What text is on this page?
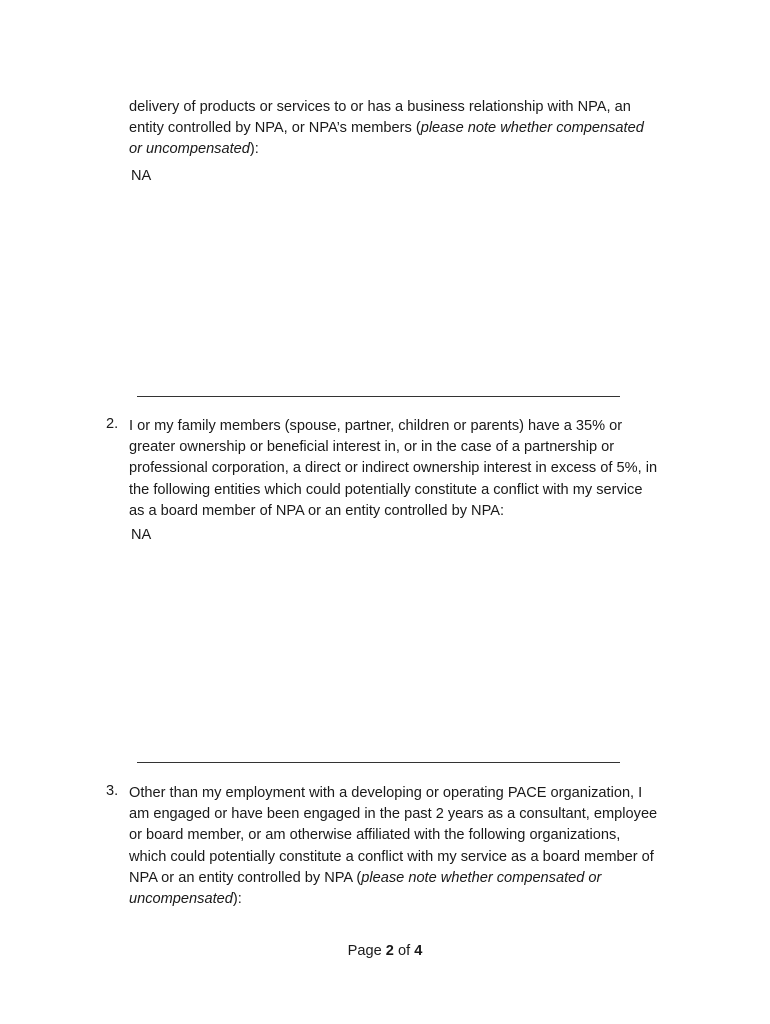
delivery of products or services to or has a business relationship with NPA, an entity controlled by NPA, or NPA’s members (please note whether compensated or uncompensated):

NA

2. I or my family members (spouse, partner, children or parents) have a 35% or greater ownership or beneficial interest in, or in the case of a partnership or professional corporation, a direct or indirect ownership interest in excess of 5%, in the following entities which could potentially constitute a conflict with my service as a board member of NPA or an entity controlled by NPA:

NA

3. Other than my employment with a developing or operating PACE organization, I am engaged or have been engaged in the past 2 years as a consultant, employee or board member, or am otherwise affiliated with the following organizations, which could potentially constitute a conflict with my service as a board member of NPA or an entity controlled by NPA (please note whether compensated or uncompensated):

Page 2 of 4
